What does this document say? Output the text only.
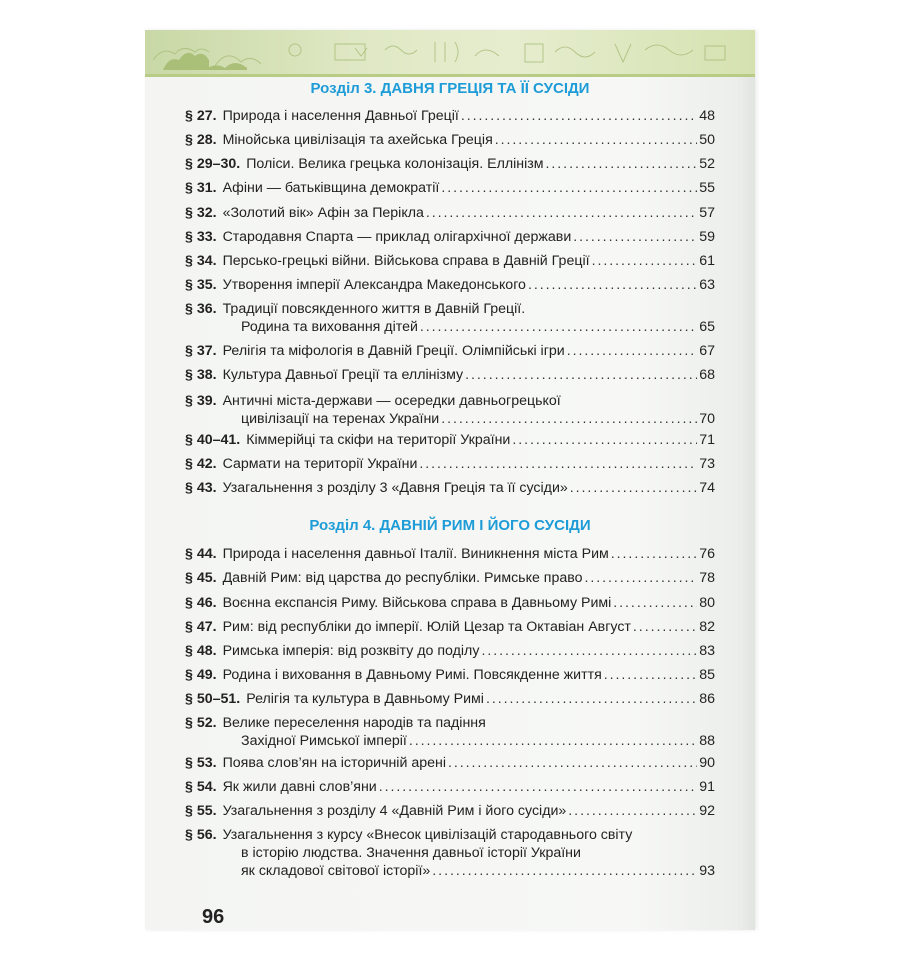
Розділ 3. ДАВНЯ ГРЕЦІЯ ТА ЇЇ СУСІДИ
§ 27. Природа і населення Давньої Греції . . .	48
§ 28. Мінойська цивілізація та ахейська Греція . . .	50
§ 29–30. Поліси. Велика грецька колонізація. Еллінізм . . .	52
§ 31. Афіни — батьківщина демократії . . .	55
§ 32. «Золотий вік» Афін за Перікла . . .	57
§ 33. Стародавня Спарта — приклад олігархічної держави . . .	59
§ 34. Персько-грецькі війни. Військова справа в Давній Греції . . .	61
§ 35. Утворення імперії Александра Македонського . . .	63
§ 36. Традиції повсякденного життя в Давній Греції.
Родина та виховання дітей . . .	65
§ 37. Релігія та міфологія в Давній Греції. Олімпійські ігри . . .	67
§ 38. Культура Давньої Греції та еллінізму . . .	68
§ 39. Античні міста-держави — осередки давньогрецької
цивілізації на теренах України . . .	70
§ 40–41. Кіммерійці та скіфи на території України . . .	71
§ 42. Сармати на території України . . .	73
§ 43. Узагальнення з розділу 3 «Давня Греція та її сусіди» . . .	74
Розділ 4. ДАВНІЙ РИМ І ЙОГО СУСІДИ
§ 44. Природа і населення давньої Італії. Виникнення міста Рим . . .	76
§ 45. Давній Рим: від царства до республіки. Римське право . . .	78
§ 46. Воєнна експансія Риму. Військова справа в Давньому Римі . . .	80
§ 47. Рим: від республіки до імперії. Юлій Цезар та Октавіан Август . . .	82
§ 48. Римська імперія: від розквіту до поділу . . .	83
§ 49. Родина і виховання в Давньому Римі. Повсякденне життя . . .	85
§ 50–51. Релігія та культура в Давньому Римі . . .	86
§ 52. Велике переселення народів та падіння
Західної Римської імперії . . .	88
§ 53. Поява слов’ян на історичній арені . . .	90
§ 54. Як жили давні слов’яни . . .	91
§ 55. Узагальнення з розділу 4 «Давній Рим і його сусіди» . . .	92
§ 56. Узагальнення з курсу «Внесок цивілізацій стародавнього світу
в історію людства. Значення давньої історії України
як складової світової історії» . . .	93
96
